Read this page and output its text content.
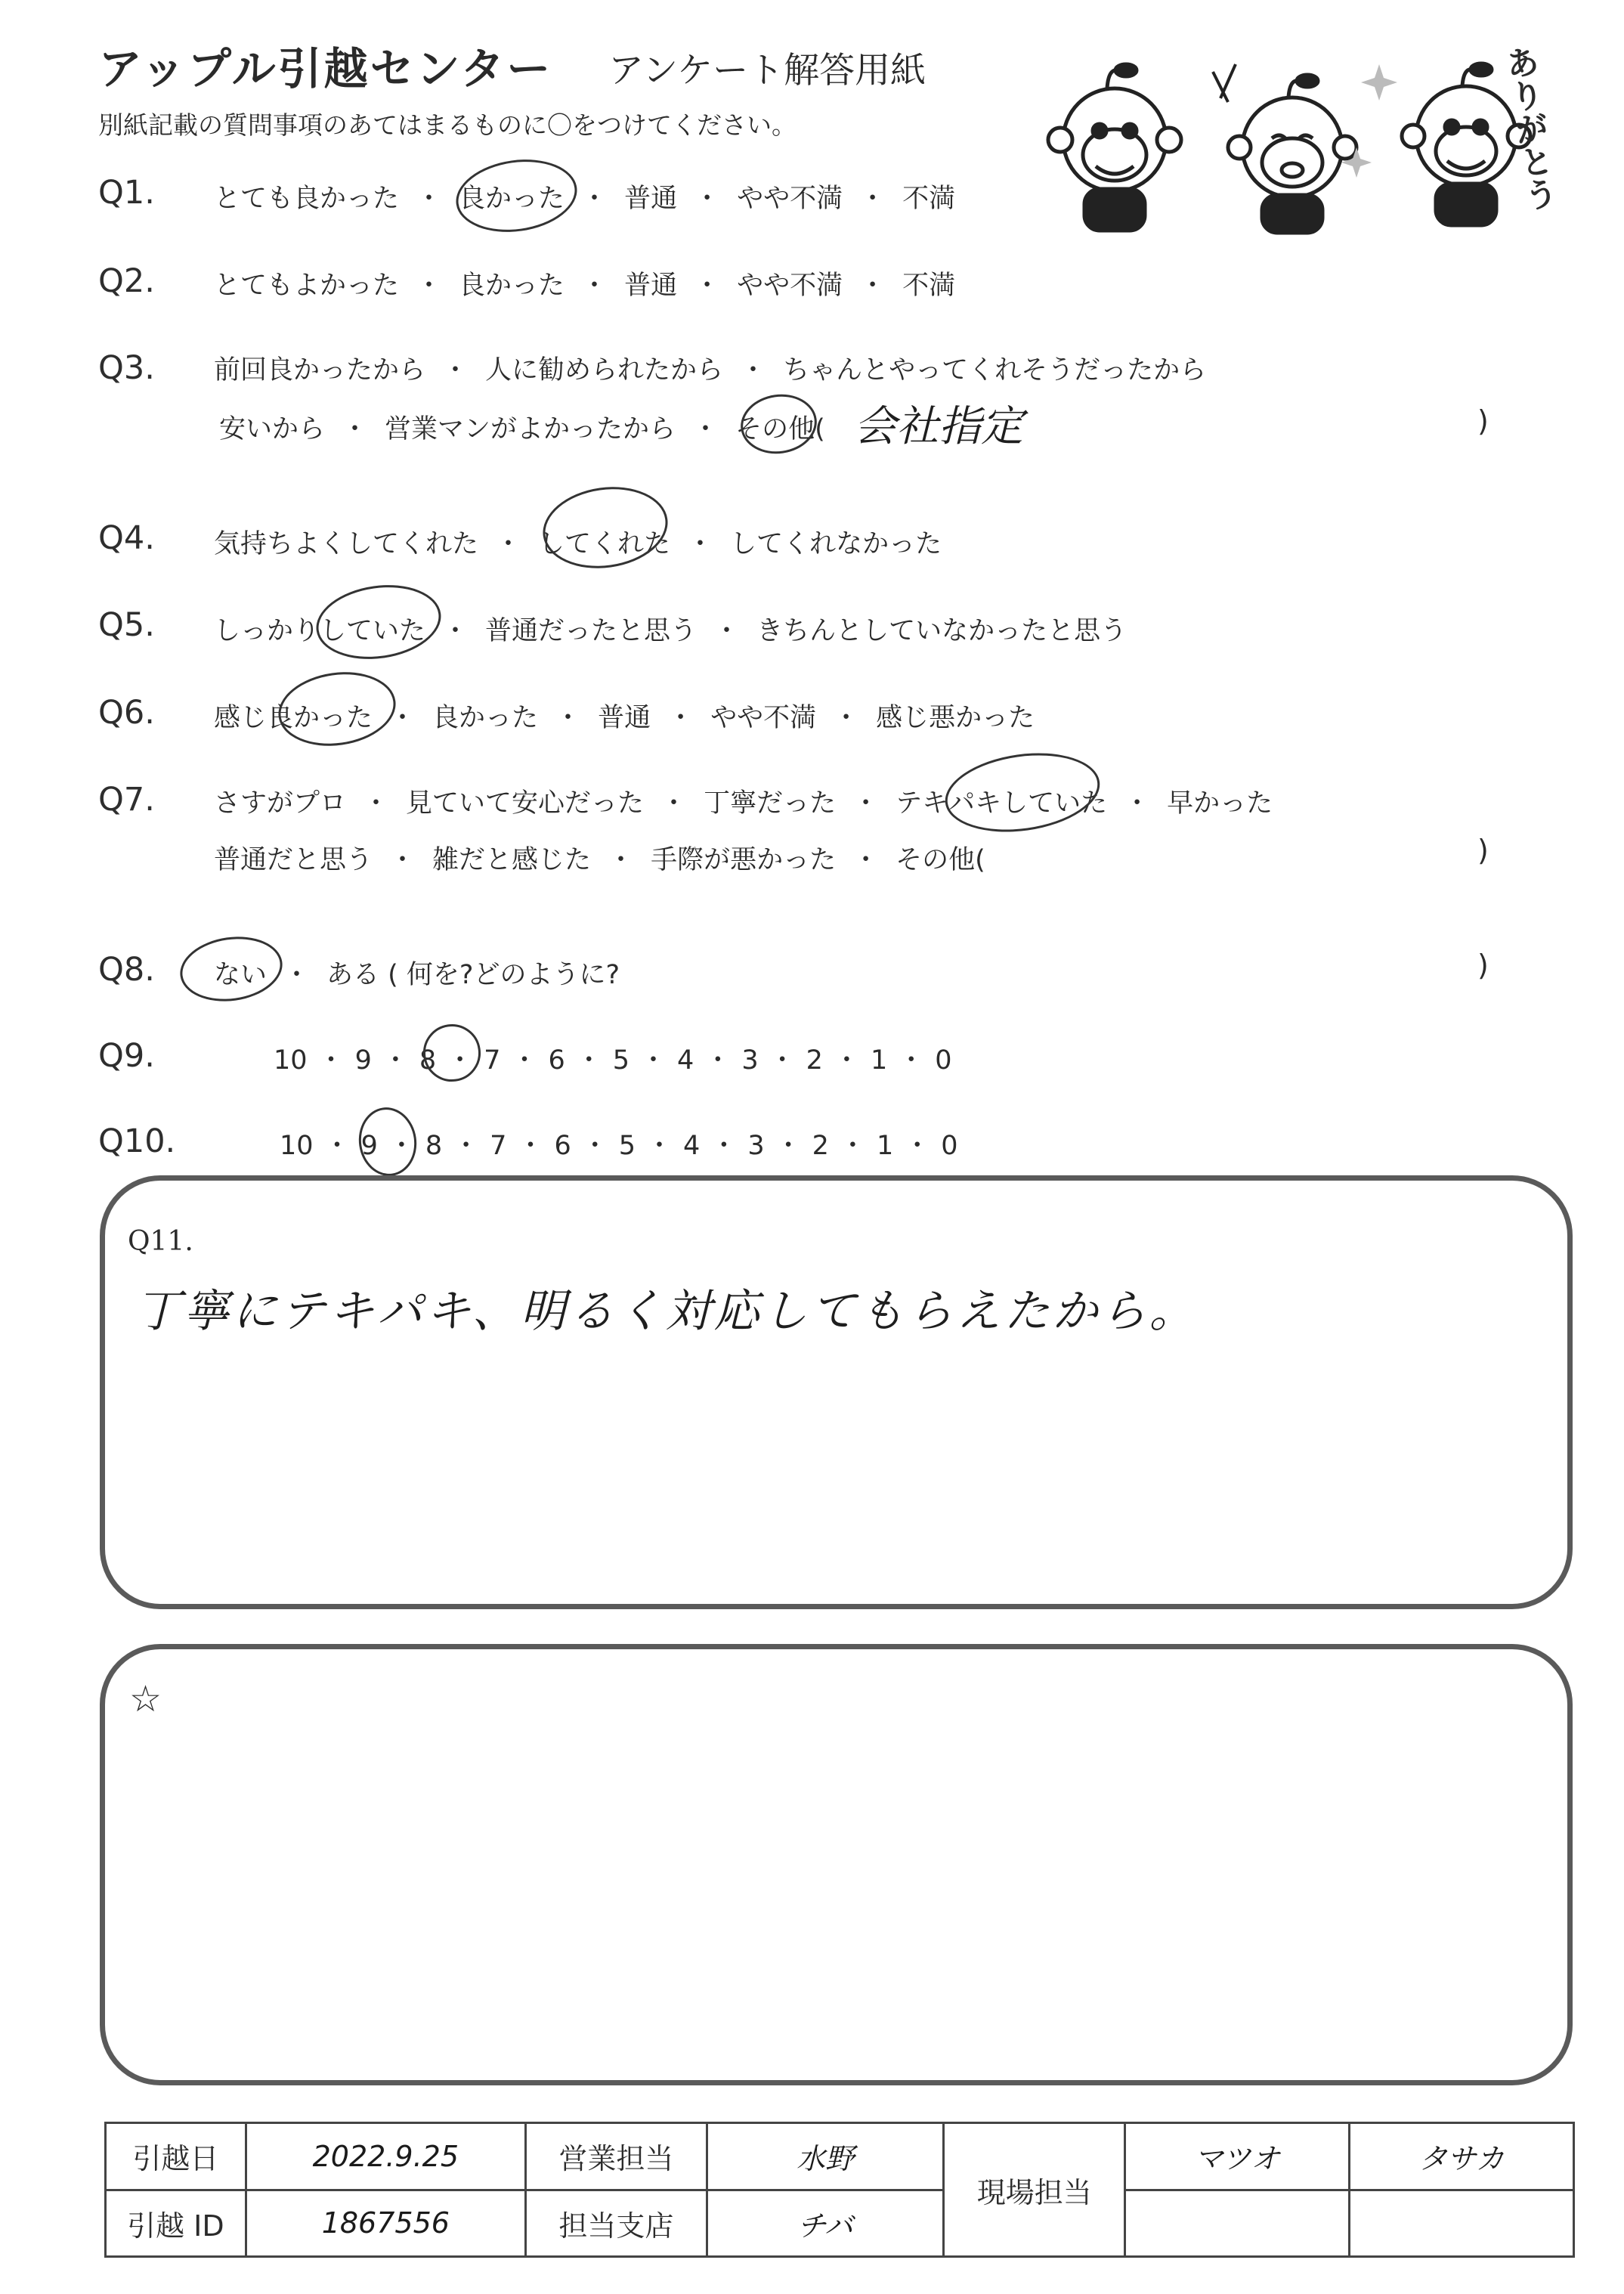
アップル引越センター アンケート解答用紙
別紙記載の質問事項のあてはまるものに〇をつけてください。	ありがとう
Q1.
Q2.
Q3.
Q4.
Q5.
Q6.
Q7.
Q8.
Q9.
Q10.
とても良かった ・ 良かった ・ 普通 ・ やや不満 ・ 不満
とてもよかった ・ 良かった ・ 普通 ・ やや不満 ・ 不満
前回良かったから ・ 人に勧められたから ・ ちゃんとやってくれそうだったから
安いから ・ 営業マンがよかったから ・ その他(	)
気持ちよくしてくれた ・ してくれた ・ してくれなかった
しっかりしていた ・ 普通だったと思う ・ きちんとしていなかったと思う
感じ良かった ・ 良かった ・ 普通 ・ やや不満 ・ 感じ悪かった
さすがプロ ・ 見ていて安心だった ・ 丁寧だった ・ テキパキしていた ・ 早かった
普通だと思う ・ 雑だと感じた ・ 手際が悪かった ・ その他(	)
ない ・ ある ( 何を?どのように?	)
10 ・ 9 ・ 8 ・ 7 ・ 6 ・ 5 ・ 4 ・ 3 ・ 2 ・ 1 ・ 0
10 ・ 9 ・ 8 ・ 7 ・ 6 ・ 5 ・ 4 ・ 3 ・ 2 ・ 1 ・ 0
会社指定
Q11.
丁寧にテキパキ、明るく対応してもらえたから。
☆
引越日	2022.9.25	営業担当	水野	現場担当	マツオ	タサカ
引越 ID	1867556	担当支店	チバ			
